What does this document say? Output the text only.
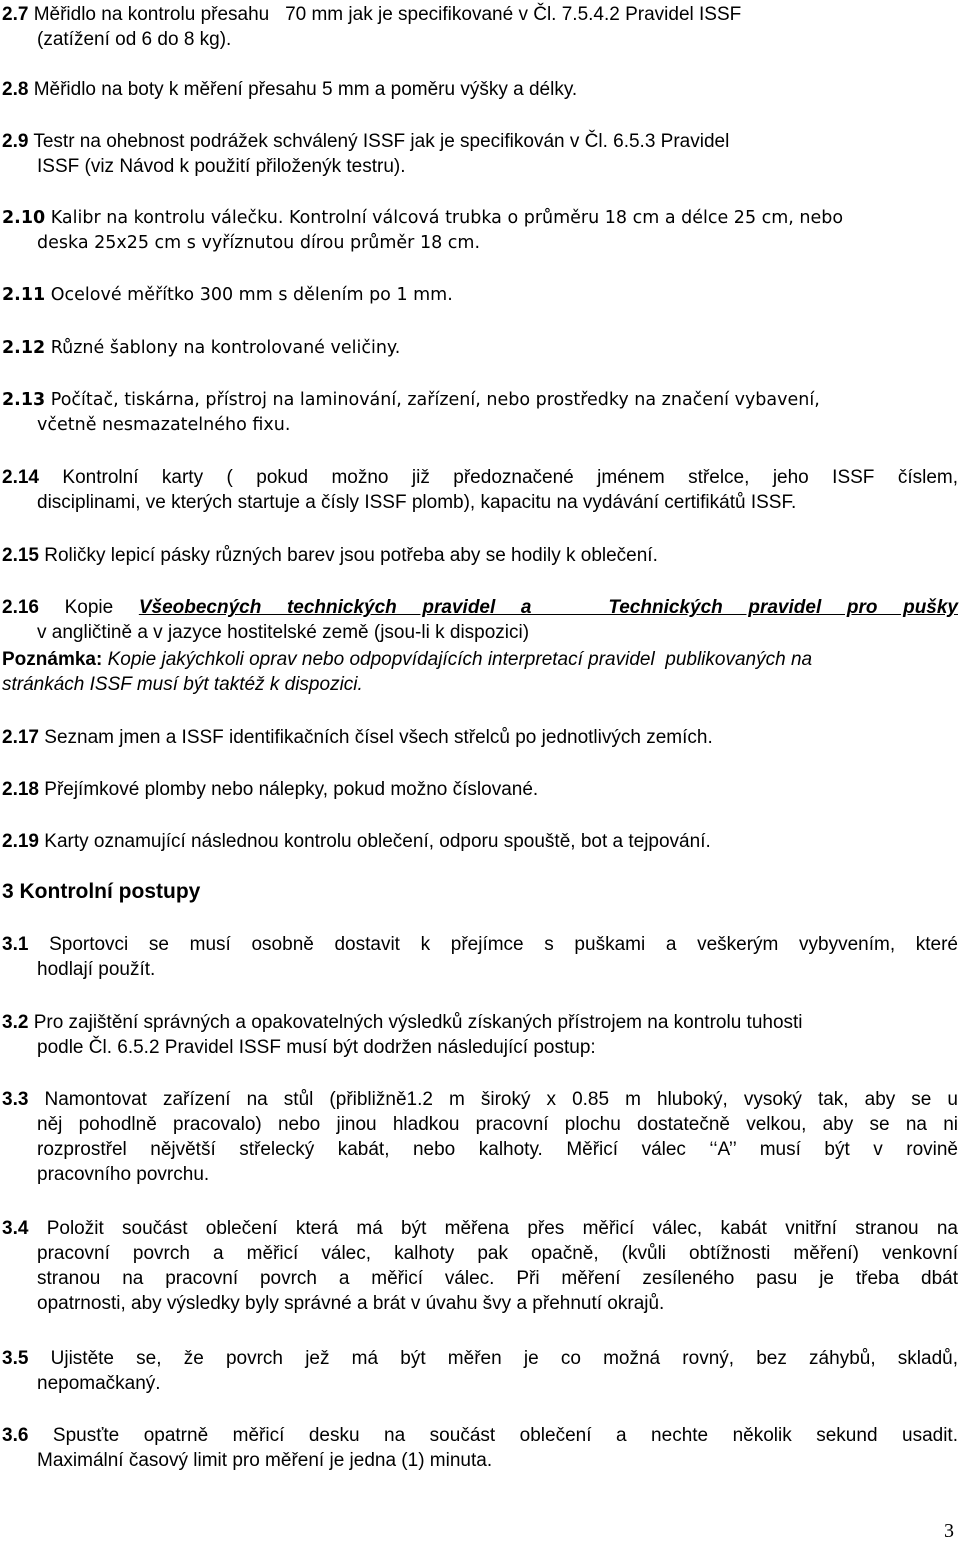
2.7 Měřidlo na kontrolu přesahu   70 mm jak je specifikované v Čl. 7.5.4.2 Pravidel ISSF
(zatížení od 6 do 8 kg).
2.8 Měřidlo na boty k měření přesahu 5 mm a poměru výšky a délky.
2.9 Testr na ohebnost podrážek schválený ISSF jak je specifikován v Čl. 6.5.3 Pravidel
ISSF (viz Návod k použití přiloženýk testru).
2.10 Kalibr na kontrolu válečku. Kontrolní válcová trubka o průměru 18 cm a délce 25 cm, nebo
deska 25x25 cm s vyříznutou dírou průměr 18 cm.
2.11 Ocelové měřítko 300 mm s dělením po 1 mm.
2.12 Různé šablony na kontrolované veličiny.
2.13 Počítač, tiskárna, přístroj na laminování, zařízení, nebo prostředky na značení vybavení,
včetně nesmazatelného fixu.
2.14 Kontrolní karty ( pokud možno již předoznačené jménem střelce, jeho ISSF číslem,
disciplinami, ve kterých startuje a čísly ISSF plomb), kapacitu na vydávání certifikátů ISSF.
2.15 Roličky lepicí pásky různých barev jsou potřeba aby se hodily k oblečení.
2.16 Kopie Všeobecných technických pravidel a   Technických pravidel pro pušky
v angličtině a v jazyce hostitelské země (jsou-li k dispozici)
Poznámka: Kopie jakýchkoli oprav nebo odpopvídajících interpretací pravidel  publikovaných na
stránkách ISSF musí být taktéž k dispozici.
2.17 Seznam jmen a ISSF identifikačních čísel všech střelců po jednotlivých zemích.
2.18 Přejímkové plomby nebo nálepky, pokud možno číslované.
2.19 Karty oznamující následnou kontrolu oblečení, odporu spouště, bot a tejpování.
3 Kontrolní postupy
3.1 Sportovci se musí osobně dostavit k přejímce s puškami a veškerým vybyvením, které
hodlají použít.
3.2 Pro zajištění správných a opakovatelných výsledků získaných přístrojem na kontrolu tuhosti
podle Čl. 6.5.2 Pravidel ISSF musí být dodržen následující postup:
3.3 Namontovat zařízení na stůl (přibližně1.2 m široký x 0.85 m hluboký, vysoký tak, aby se u
něj pohodlně pracovalo) nebo jinou hladkou pracovní plochu dostatečně velkou, aby se na ni
rozprostřel nějvětší střelecký kabát, nebo kalhoty. Měřicí válec ‘‘A’’ musí být v rovině
pracovního povrchu.
3.4 Položit součást oblečení která má být měřena přes měřicí válec, kabát vnitřní stranou na
pracovní povrch a měřicí válec, kalhoty pak opačně, (kvůli obtížnosti měření) venkovní
stranou na pracovní povrch a měřicí válec. Při měření zesíleného pasu je třeba dbát
opatrnosti, aby výsledky byly správné a brát v úvahu švy a přehnutí okrajů.
3.5 Ujistěte se, že povrch jež má být měřen je co možná rovný, bez záhybů, skladů,
nepomačkaný.
3.6 Spusťte opatrně měřicí desku na součást oblečení a nechte několik sekund usadit.
Maximální časový limit pro měření je jedna (1) minuta.
3
